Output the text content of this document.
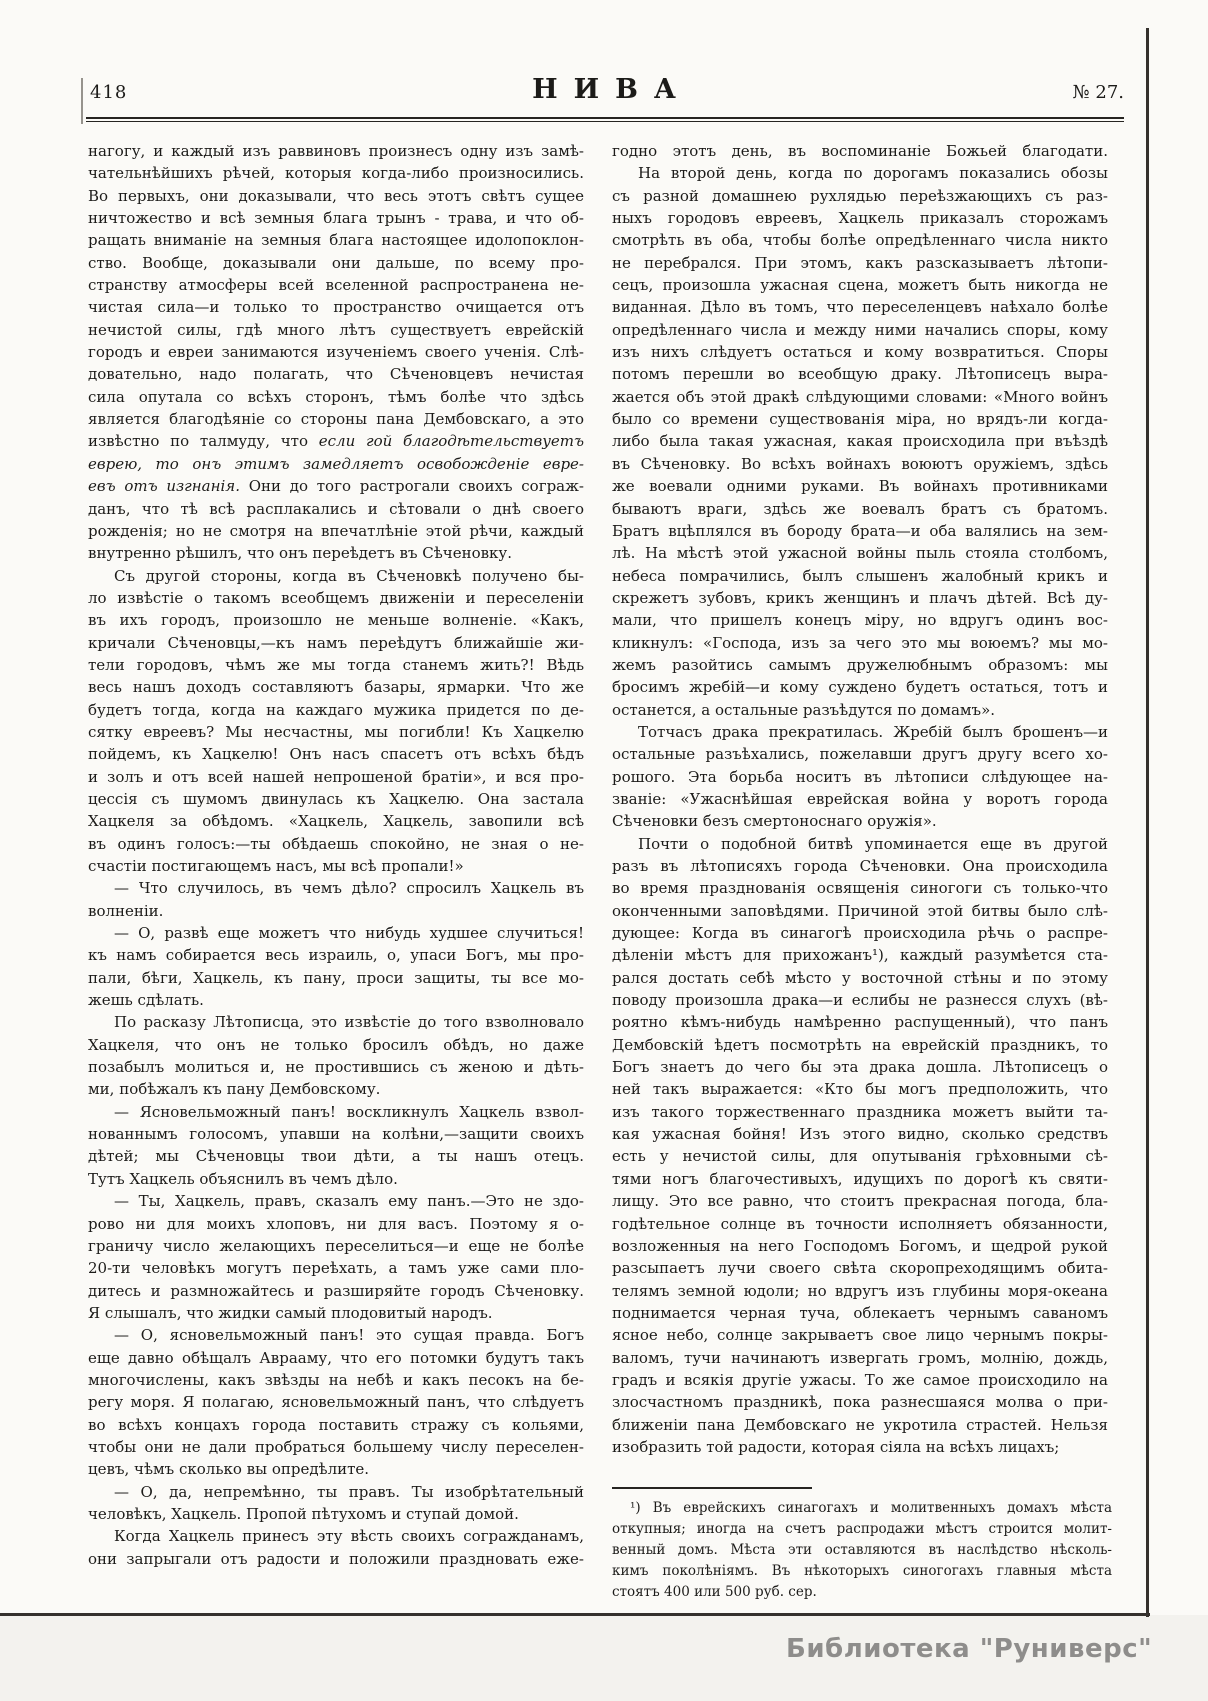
418	НИВА	№ 27.
нагогу, и каждый изъ раввиновъ произнесъ одну изъ замѣ-
чательнѣйшихъ рѣчей, которыя когда-либо произносились.
Во первыхъ, они доказывали, что весь этотъ свѣтъ сущее
ничтожество и всѣ земныя блага трынъ - трава, и что об-
ращать вниманіе на земныя блага настоящее идолопоклон-
ство. Вообще, доказывали они дальше, по всему про-
странству атмосферы всей вселенной распространена не-
чистая сила—и только то пространство очищается отъ
нечистой силы, гдѣ много лѣтъ существуетъ еврейскій
городъ и евреи занимаются изученіемъ своего ученія. Слѣ-
довательно, надо полагать, что Сѣченовцевъ нечистая
сила опутала со всѣхъ сторонъ, тѣмъ болѣе что здѣсь
является благодѣяніе со стороны пана Дембовскаго, а это
извѣстно по талмуду, что если гой благодѣтельствуетъ
еврею, то онъ этимъ замедляетъ освобожденіе евре-
евъ отъ изгнанія. Они до того растрогали своихъ сограж-
данъ, что тѣ всѣ расплакались и сѣтовали о днѣ своего
рожденія; но не смотря на впечатлѣніе этой рѣчи, каждый
внутренно рѣшилъ, что онъ переѣдетъ въ Сѣченовку.
Съ другой стороны, когда въ Сѣченовкѣ получено бы-
ло извѣстіе о такомъ всеобщемъ движеніи и переселеніи
въ ихъ городъ, произошло не меньше волненіе. «Какъ,
кричали Сѣченовцы,—къ намъ переѣдутъ ближайшіе жи-
тели городовъ, чѣмъ же мы тогда станемъ жить?! Вѣдь
весь нашъ доходъ составляютъ базары, ярмарки. Что же
будетъ тогда, когда на каждаго мужика придется по де-
сятку евреевъ? Мы несчастны, мы погибли! Къ Хацкелю
пойдемъ, къ Хацкелю! Онъ насъ спасетъ отъ всѣхъ бѣдъ
и золъ и отъ всей нашей непрошеной братіи», и вся про-
цессія съ шумомъ двинулась къ Хацкелю. Она застала
Хацкеля за обѣдомъ. «Хацкель, Хацкель, завопили всѣ
въ одинъ голосъ:—ты обѣдаешь спокойно, не зная о не-
счастіи постигающемъ насъ, мы всѣ пропали!»
— Что случилось, въ чемъ дѣло? спросилъ Хацкель въ
волненіи.
— О, развѣ еще можетъ что нибудь худшее случиться!
къ намъ собирается весь израиль, о, упаси Богъ, мы про-
пали, бѣги, Хацкель, къ пану, проси защиты, ты все мо-
жешь сдѣлать.
По расказу Лѣтописца, это извѣстіе до того взволновало
Хацкеля, что онъ не только бросилъ обѣдъ, но даже
позабылъ молиться и, не простившись съ женою и дѣть-
ми, побѣжалъ къ пану Дембовскому.
— Ясновельможный панъ! воскликнулъ Хацкель взвол-
нованнымъ голосомъ, упавши на колѣни,—защити своихъ
дѣтей; мы Сѣченовцы твои дѣти, а ты нашъ отецъ.
Тутъ Хацкель объяснилъ въ чемъ дѣло.
— Ты, Хацкель, правъ, сказалъ ему панъ.—Это не здо-
рово ни для моихъ хлоповъ, ни для васъ. Поэтому я о-
граничу число желающихъ переселиться—и еще не болѣе
20-ти человѣкъ могутъ переѣхать, а тамъ уже сами пло-
дитесь и размножайтесь и разширяйте городъ Сѣченовку.
Я слышалъ, что жидки самый плодовитый народъ.
— О, ясновельможный панъ! это сущая правда. Богъ
еще давно обѣщалъ Аврааму, что его потомки будутъ такъ
многочислены, какъ звѣзды на небѣ и какъ песокъ на бе-
регу моря. Я полагаю, ясновельможный панъ, что слѣдуетъ
во всѣхъ концахъ города поставить стражу съ кольями,
чтобы они не дали пробраться большему числу переселен-
цевъ, чѣмъ сколько вы опредѣлите.
— О, да, непремѣнно, ты правъ. Ты изобрѣтательный
человѣкъ, Хацкель. Пропой пѣтухомъ и ступай домой.
Когда Хацкель принесъ эту вѣсть своихъ согражданамъ,
они запрыгали отъ радости и положили праздновать еже-
годно этотъ день, въ воспоминаніе Божьей благодати.
На второй день, когда по дорогамъ показались обозы
съ разной домашнею рухлядью переѣзжающихъ съ раз-
ныхъ городовъ евреевъ, Хацкель приказалъ сторожамъ
смотрѣть въ оба, чтобы болѣе опредѣленнаго числа никто
не перебрался. При этомъ, какъ разсказываетъ лѣтопи-
сецъ, произошла ужасная сцена, можетъ быть никогда не
виданная. Дѣло въ томъ, что переселенцевъ наѣхало болѣе
опредѣленнаго числа и между ними начались споры, кому
изъ нихъ слѣдуетъ остаться и кому возвратиться. Споры
потомъ перешли во всеобщую драку. Лѣтописецъ выра-
жается объ этой дракѣ слѣдующими словами: «Много войнъ
было со времени существованія міра, но врядъ-ли когда-
либо была такая ужасная, какая происходила при въѣздѣ
въ Сѣченовку. Во всѣхъ войнахъ воюютъ оружіемъ, здѣсь
же воевали одними руками. Въ войнахъ противниками
бываютъ враги, здѣсь же воевалъ братъ съ братомъ.
Братъ вцѣплялся въ бороду брата—и оба валялись на зем-
лѣ. На мѣстѣ этой ужасной войны пыль стояла столбомъ,
небеса помрачились, былъ слышенъ жалобный крикъ и
скрежетъ зубовъ, крикъ женщинъ и плачъ дѣтей. Всѣ ду-
мали, что пришелъ конецъ міру, но вдругъ одинъ вос-
кликнулъ: «Господа, изъ за чего это мы воюемъ? мы мо-
жемъ разойтись самымъ дружелюбнымъ образомъ: мы
бросимъ жребій—и кому суждено будетъ остаться, тотъ и
останется, а остальные разъѣдутся по домамъ».
Тотчасъ драка прекратилась. Жребій былъ брошенъ—и
остальные разъѣхались, пожелавши другъ другу всего хо-
рошого. Эта борьба носитъ въ лѣтописи слѣдующее на-
званіе: «Ужаснѣйшая еврейская война у воротъ города
Сѣченовки безъ смертоноснаго оружія».
Почти о подобной битвѣ упоминается еще въ другой
разъ въ лѣтописяхъ города Сѣченовки. Она происходила
во время празднованія освященія синогоги съ только-что
оконченными заповѣдями. Причиной этой битвы было слѣ-
дующее: Когда въ синагогѣ происходила рѣчь о распре-
дѣленіи мѣстъ для прихожанъ¹), каждый разумѣется ста-
рался достать себѣ мѣсто у восточной стѣны и по этому
поводу произошла драка—и еслибы не разнесся слухъ (вѣ-
роятно кѣмъ-нибудь намѣренно распущенный), что панъ
Дембовскій ѣдетъ посмотрѣть на еврейскій праздникъ, то
Богъ знаетъ до чего бы эта драка дошла. Лѣтописецъ о
ней такъ выражается: «Кто бы могъ предположить, что
изъ такого торжественнаго праздника можетъ выйти та-
кая ужасная бойня! Изъ этого видно, сколько средствъ
есть у нечистой силы, для опутыванія грѣховными сѣ-
тями ногъ благочестивыхъ, идущихъ по дорогѣ къ святи-
лищу. Это все равно, что стоитъ прекрасная погода, бла-
годѣтельное солнце въ точности исполняетъ обязанности,
возложенныя на него Господомъ Богомъ, и щедрой рукой
разсыпаетъ лучи своего свѣта скоропреходящимъ обита-
телямъ земной юдоли; но вдругъ изъ глубины моря-океана
поднимается черная туча, облекаетъ чернымъ саваномъ
ясное небо, солнце закрываетъ свое лицо чернымъ покры-
валомъ, тучи начинаютъ извергать громъ, молнію, дождь,
градъ и всякія другіе ужасы. То же самое происходило на
злосчастномъ праздникѣ, пока разнесшаяся молва о при-
ближеніи пана Дембовскаго не укротила страстей. Нельзя
изобразить той радости, которая сіяла на всѣхъ лицахъ;
¹) Въ еврейскихъ синагогахъ и молитвенныхъ домахъ мѣста
откупныя; иногда на счетъ распродажи мѣстъ строится молит-
венный домъ. Мѣста эти оставляются въ наслѣдство нѣсколь-
кимъ поколѣніямъ. Въ нѣкоторыхъ синогогахъ главныя мѣста
стоятъ 400 или 500 руб. сер.
Библиотека "Руниверс"
